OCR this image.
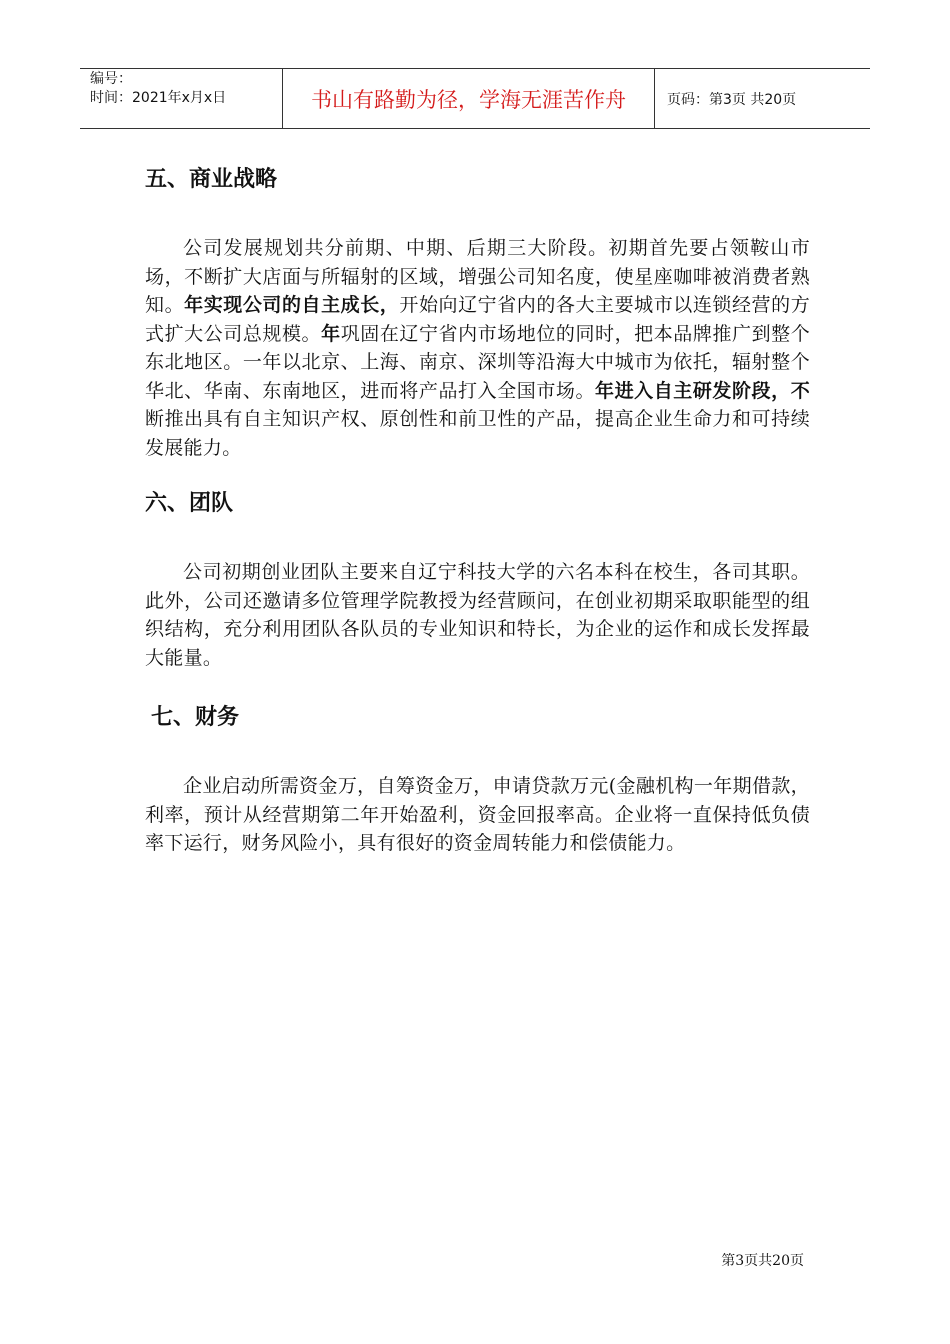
编号：
时间：2021年x月x日	书山有路勤为径，学海无涯苦作舟	页码：第3页 共20页
五、商业战略

公司发展规划共分前期、中期、后期三大阶段。初期首先要占领鞍山市场，不断扩大店面与所辐射的区域，增强公司知名度，使星座咖啡被消费者熟知。年实现公司的自主成长，开始向辽宁省内的各大主要城市以连锁经营的方式扩大公司总规模。年巩固在辽宁省内市场地位的同时，把本品牌推广到整个东北地区。一年以北京、上海、南京、深圳等沿海大中城市为依托，辐射整个华北、华南、东南地区，进而将产品打入全国市场。年进入自主研发阶段，不断推出具有自主知识产权、原创性和前卫性的产品，提高企业生命力和可持续发展能力。

六、团队

公司初期创业团队主要来自辽宁科技大学的六名本科在校生，各司其职。此外，公司还邀请多位管理学院教授为经营顾问，在创业初期采取职能型的组织结构，充分利用团队各队员的专业知识和特长，为企业的运作和成长发挥最大能量。

七、财务

企业启动所需资金万，自筹资金万，申请贷款万元(金融机构一年期借款，利率，预计从经营期第二年开始盈利，资金回报率高。企业将一直保持低负债率下运行，财务风险小，具有很好的资金周转能力和偿债能力。

第3页共20页
